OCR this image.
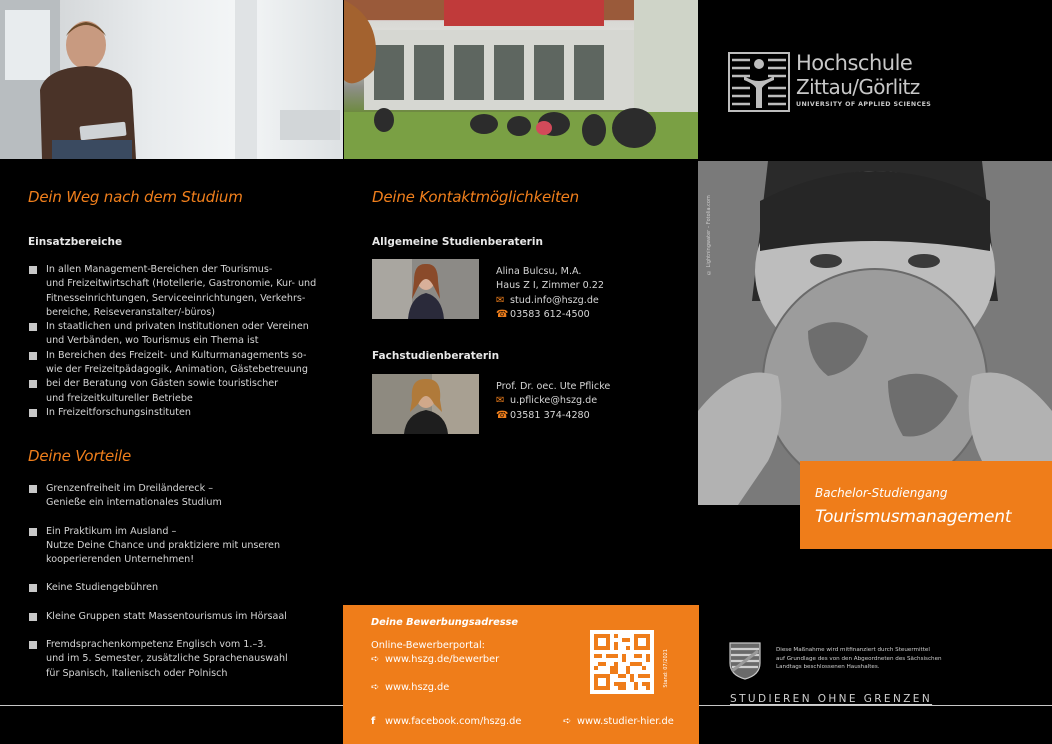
© Lightningwater – Fotolia.com
Hochschule
Zittau/Görlitz
UNIVERSITY OF APPLIED SCIENCES
Dein Weg nach dem Studium
Einsatzbereiche
In allen Management-Bereichen der Tourismus-
und Freizeitwirtschaft (Hotellerie, Gastronomie, Kur- und
Fitnesseinrichtungen, Serviceeinrichtungen, Verkehrs-
bereiche, Reiseveranstalter/-büros)
In staatlichen und privaten Institutionen oder Vereinen
und Verbänden, wo Tourismus ein Thema ist
In Bereichen des Freizeit- und Kulturmanagements so-
wie der Freizeitpädagogik, Animation, Gästebetreuung
bei der Beratung von Gästen sowie touristischer
und freizeitkultureller Betriebe
In Freizeitforschungsinstituten
Deine Vorteile
Grenzenfreiheit im Dreiländereck –
Genieße ein internationales Studium
Ein Praktikum im Ausland –
Nutze Deine Chance und praktiziere mit unseren
kooperierenden Unternehmen!
Keine Studiengebühren
Kleine Gruppen statt Massentourismus im Hörsaal
Fremdsprachenkompetenz Englisch vom 1.–3.
und im 5. Semester, zusätzliche Sprachenauswahl
für Spanisch, Italienisch oder Polnisch
Deine Kontaktmöglichkeiten
Allgemeine Studienberaterin
Alina Bulcsu, M.A.
Haus Z I, Zimmer 0.22
✉ stud.info@hszg.de
☎ 03583 612-4500
Fachstudienberaterin
Prof. Dr. oec. Ute Pflicke
✉ u.pflicke@hszg.de
☎ 03581 374-4280
Deine Bewerbungsadresse
Online-Bewerberportal:
➪ www.hszg.de/bewerber
➪ www.hszg.de	Stand: 07/2021
f www.facebook.com/hszg.de	➪ www.studier-hier.de
Bachelor-Studiengang
Tourismusmanagement
Diese Maßnahme wird mitfinanziert durch Steuermittel
auf Grundlage des von den Abgeordneten des Sächsischen
Landtags beschlossenen Haushaltes.
STUDIEREN OHNE GRENZEN
